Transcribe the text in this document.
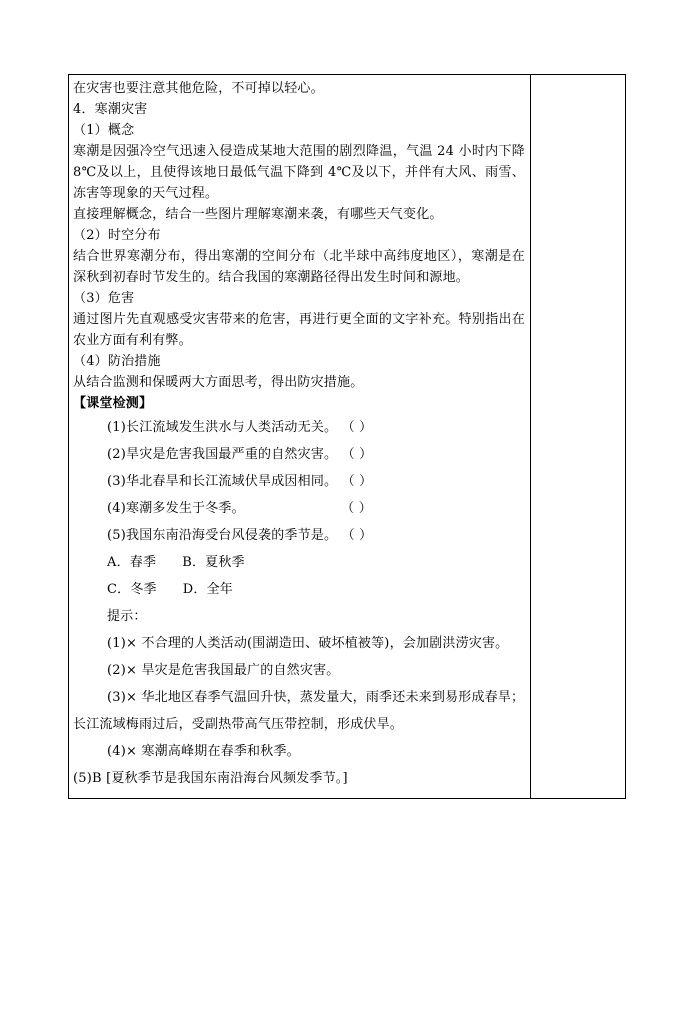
在灾害也要注意其他危险，不可掉以轻心。
4．寒潮灾害
（1）概念
寒潮是因强冷空气迅速入侵造成某地大范围的剧烈降温，气温 24 小时内下降 8℃及以上，且使得该地日最低气温下降到 4℃及以下，并伴有大风、雨雪、冻害等现象的天气过程。
直接理解概念，结合一些图片理解寒潮来袭，有哪些天气变化。
（2）时空分布
结合世界寒潮分布，得出寒潮的空间分布（北半球中高纬度地区），寒潮是在深秋到初春时节发生的。结合我国的寒潮路径得出发生时间和源地。
（3）危害
通过图片先直观感受灾害带来的危害，再进行更全面的文字补充。特别指出在农业方面有利有弊。
（4）防治措施
从结合监测和保暖两大方面思考，得出防灾措施。
【课堂检测】
(1)长江流域发生洪水与人类活动无关。 （ ）
(2)旱灾是危害我国最严重的自然灾害。 （ ）
(3)华北春旱和长江流域伏旱成因相同。 （ ）
(4)寒潮多发生于冬季。	（ ）
(5)我国东南沿海受台风侵袭的季节是。 （ ）
A．春季 B．夏秋季
C．冬季 D．全年
提示：
(1)× 不合理的人类活动(围湖造田、破坏植被等)，会加剧洪涝灾害。
(2)× 旱灾是危害我国最广的自然灾害。
(3)× 华北地区春季气温回升快，蒸发量大，雨季还未来到易形成春旱；长江流域梅雨过后，受副热带高气压带控制，形成伏旱。
(4)× 寒潮高峰期在春季和秋季。
(5)B [夏秋季节是我国东南沿海台风频发季节。]
